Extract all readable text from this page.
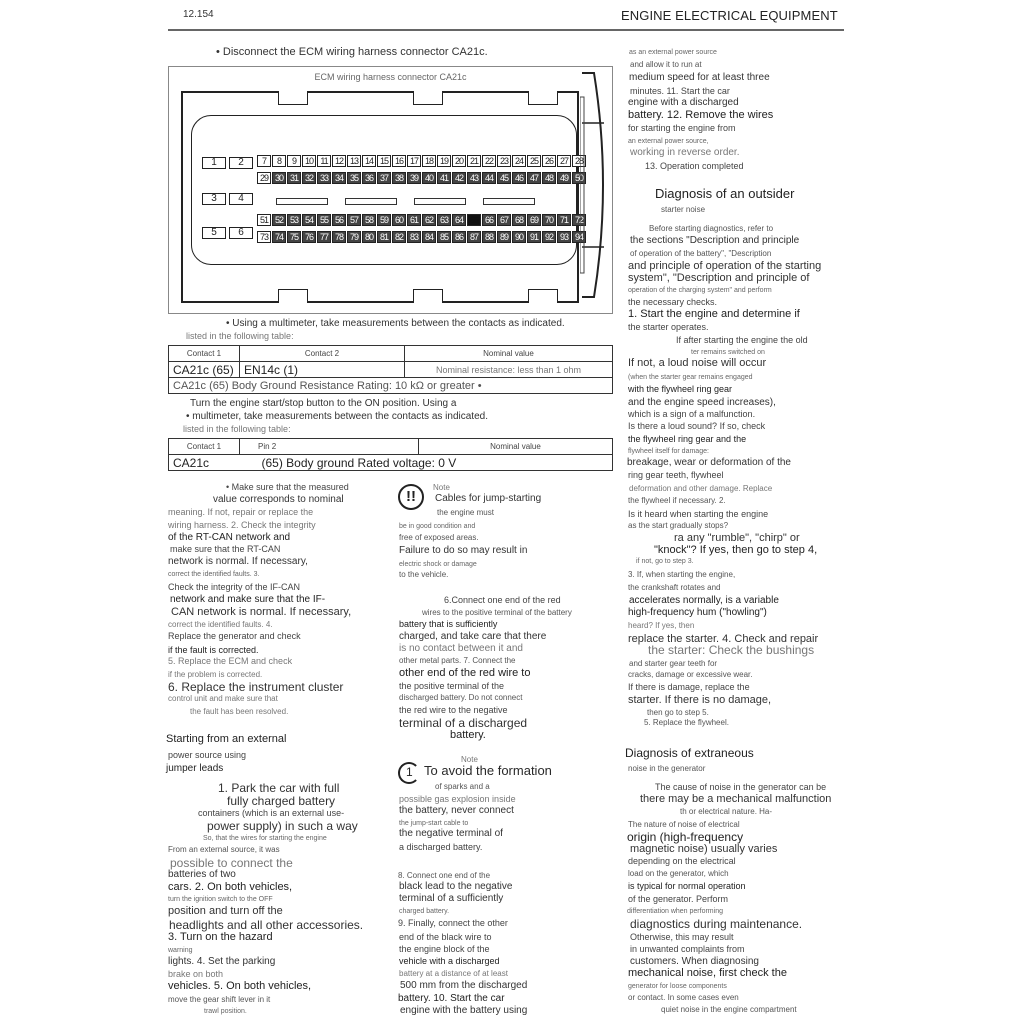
12.154	ENGINE ELECTRICAL EQUIPMENT
• Disconnect the ECM wiring harness connector CA21c.
ECM wiring harness connector CA21c
1	2
3	4
5	6
7	8	9 10 11 12 13 14 15 16 17 18 19 20 21 22 23 24 25 26 27 28
29 30 31 32 33 34 35 36 37 38 39 40 41 42 43 44 45 46 47 48 49 50
51 52 53 54 55 56 57 58 59 60 61 62 63 64 65 66 67 68 69 70 71 72
73 74 75 76 77 78 79 80 81 82 83 84 85 86 87 88 89 90 91 92 93 94
• Using a multimeter, take measurements between the contacts as indicated.
listed in the following table:
Contact 1	Contact 2	Nominal value
CA21c (65)	EN14c (1)	Nominal resistance: less than 1 ohm
CA21c (65) Body Ground Resistance Rating: 10 kΩ or greater •		
Turn the engine start/stop button to the ON position. Using a
• multimeter, take measurements between the contacts as indicated.
listed in the following table:
Contact 1	Pin 2	Nominal value
CA21c	(65) Body ground Rated voltage: 0 V	
• Make sure that the measured
value corresponds to nominal
meaning. If not, repair or replace the
wiring harness. 2. Check the integrity
of the RT-CAN network and
make sure that the RT-CAN
network is normal. If necessary,
correct the identified faults. 3.
Check the integrity of the IF-CAN
network and make sure that the IF-
CAN network is normal. If necessary,
correct the identified faults. 4.
Replace the generator and check
if the fault is corrected.
5. Replace the ECM and check
if the problem is corrected.
6. Replace the instrument cluster
control unit and make sure that
the fault has been resolved.
Starting from an external
power source using
jumper leads
1. Park the car with full
fully charged battery
containers (which is an external use-
power supply) in such a way
So, that the wires for starting the engine
From an external source, it was
possible to connect the
batteries of two
cars. 2. On both vehicles,
turn the ignition switch to the OFF
position and turn off the
headlights and all other accessories.
3. Turn on the hazard
warning
lights. 4. Set the parking
brake on both
vehicles. 5. On both vehicles,
move the gear shift lever in it
trawl position.
!!
Note
Cables for jump-starting
the engine must
be in good condition and
free of exposed areas.
Failure to do so may result in
electric shock or damage
to the vehicle.
6.Connect one end of the red
wires to the positive terminal of the battery
battery that is sufficiently
charged, and take care that there
is no contact between it and
other metal parts. 7. Connect the
other end of the red wire to
the positive terminal of the
discharged battery. Do not connect
the red wire to the negative
terminal of a discharged
battery.
Note
To avoid the formation
of sparks and a
possible gas explosion inside
the battery, never connect
the jump-start cable to
the negative terminal of
a discharged battery.
8. Connect one end of the
black lead to the negative
terminal of a sufficiently
charged battery.
9. Finally, connect the other
end of the black wire to
the engine block of the
vehicle with a discharged
battery at a distance of at least
500 mm from the discharged
battery. 10. Start the car
engine with the battery using
as an external power source
and allow it to run at
medium speed for at least three
minutes. 11. Start the car
engine with a discharged
battery. 12. Remove the wires
for starting the engine from
an external power source,
working in reverse order.
13. Operation completed
Diagnosis of an outsider
starter noise
Before starting diagnostics, refer to
the sections "Description and principle
of operation of the battery", "Description
and principle of operation of the starting
system", "Description and principle of
operation of the charging system" and perform
the necessary checks.
1. Start the engine and determine if
the starter operates.
If after starting the engine the old
ter remains switched on
If not, a loud noise will occur
(when the starter gear remains engaged
with the flywheel ring gear
and the engine speed increases),
which is a sign of a malfunction.
Is there a loud sound? If so, check
the flywheel ring gear and the
flywheel itself for damage:
breakage, wear or deformation of the
ring gear teeth, flywheel
deformation and other damage. Replace
the flywheel if necessary. 2.
Is it heard when starting the engine
as the start gradually stops?
ra any "rumble", "chirp" or
"knock"? If yes, then go to step 4,
if not, go to step 3.
3. If, when starting the engine,
the crankshaft rotates and
accelerates normally, is a variable
high-frequency hum ("howling")
heard? If yes, then
replace the starter. 4. Check and repair
the starter: Check the bushings
and starter gear teeth for
cracks, damage or excessive wear.
If there is damage, replace the
starter. If there is no damage,
then go to step 5.
5. Replace the flywheel.
Diagnosis of extraneous
noise in the generator
The cause of noise in the generator can be
there may be a mechanical malfunction
th or electrical nature. Ha-
The nature of noise of electrical
origin (high-frequency
magnetic noise) usually varies
depending on the electrical
load on the generator, which
is typical for normal operation
of the generator. Perform
differentiation when performing
diagnostics during maintenance.
Otherwise, this may result
in unwanted complaints from
customers. When diagnosing
mechanical noise, first check the
generator for loose components
or contact. In some cases even
quiet noise in the engine compartment
1
